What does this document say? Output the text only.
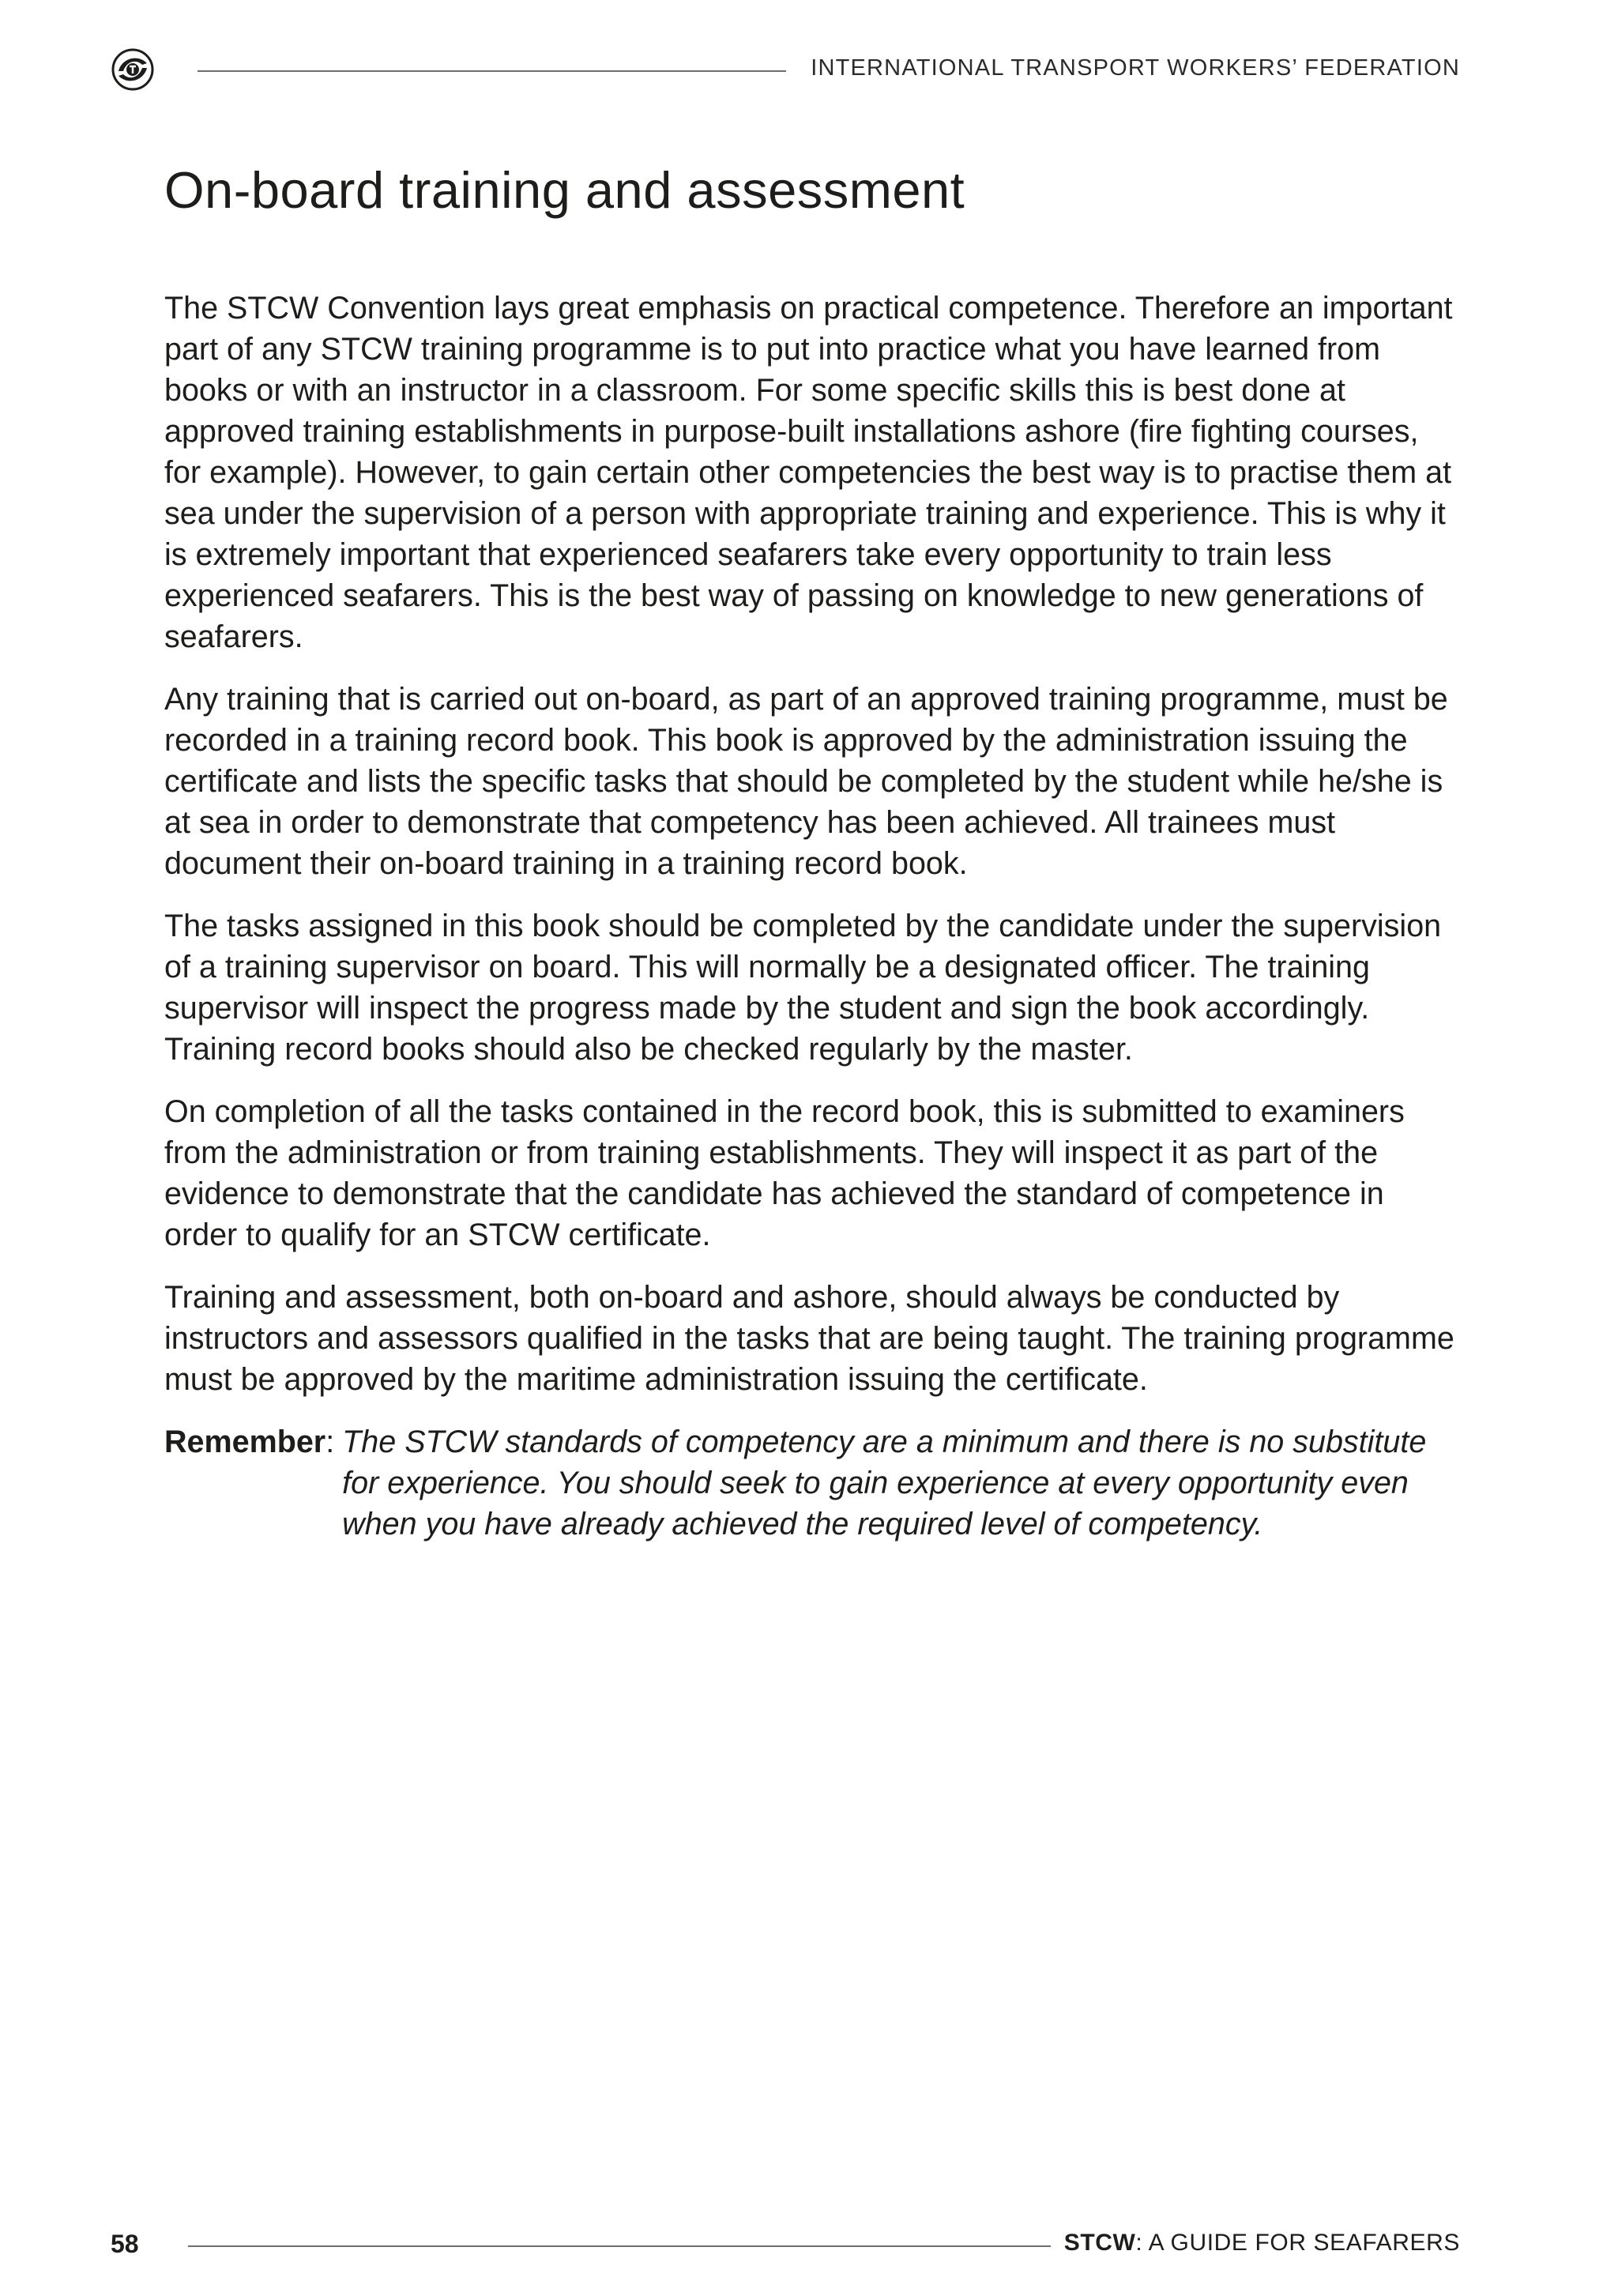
INTERNATIONAL TRANSPORT WORKERS’ FEDERATION
On-board training and assessment

The STCW Convention lays great emphasis on practical competence. Therefore an important part of any STCW training programme is to put into practice what you have learned from books or with an instructor in a classroom. For some specific skills this is best done at approved training establishments in purpose-built installations ashore (fire fighting courses, for example). However, to gain certain other competencies the best way is to practise them at sea under the supervision of a person with appropriate training and experience. This is why it is extremely important that experienced seafarers take every opportunity to train less experienced seafarers. This is the best way of passing on knowledge to new generations of seafarers.

Any training that is carried out on-board, as part of an approved training programme, must be recorded in a training record book. This book is approved by the administration issuing the certificate and lists the specific tasks that should be completed by the student while he/she is at sea in order to demonstrate that competency has been achieved. All trainees must document their on-board training in a training record book.

The tasks assigned in this book should be completed by the candidate under the supervision of a training supervisor on board. This will normally be a designated officer. The training supervisor will inspect the progress made by the student and sign the book accordingly. Training record books should also be checked regularly by the master.

On completion of all the tasks contained in the record book, this is submitted to examiners from the administration or from training establishments. They will inspect it as part of the evidence to demonstrate that the candidate has achieved the standard of competence in order to qualify for an STCW certificate.

Training and assessment, both on-board and ashore, should always be conducted by instructors and assessors qualified in the tasks that are being taught. The training programme must be approved by the maritime administration issuing the certificate.

Remember : The STCW standards of competency are a minimum and there is no substitute for experience. You should seek to gain experience at every opportunity even when you have already achieved the required level of competency.
58	STCW: A GUIDE FOR SEAFARERS
